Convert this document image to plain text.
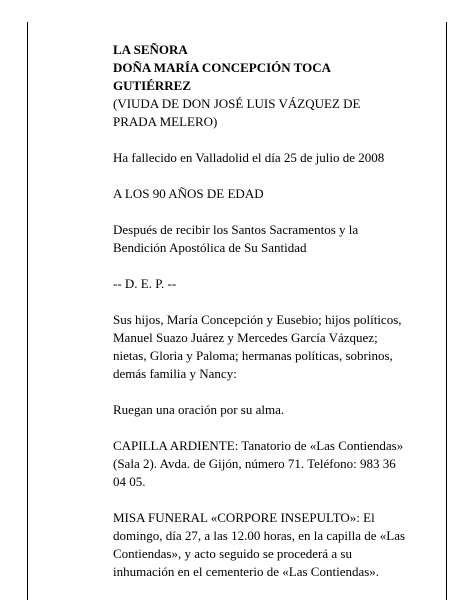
LA SEÑORA
DOÑA MARÍA CONCEPCIÓN TOCA
GUTIÉRREZ
(VIUDA DE DON JOSÉ LUIS VÁZQUEZ DE
PRADA MELERO)

Ha fallecido en Valladolid el día 25 de julio de 2008

A LOS 90 AÑOS DE EDAD

Después de recibir los Santos Sacramentos y la
Bendición Apostólica de Su Santidad

-- D. E. P. --

Sus hijos, María Concepción y Eusebio; hijos políticos,
Manuel Suazo Juárez y Mercedes García Vázquez;
nietas, Gloria y Paloma; hermanas políticas, sobrinos,
demás familia y Nancy:

Ruegan una oración por su alma.

CAPILLA ARDIENTE: Tanatorio de «Las Contiendas»
(Sala 2). Avda. de Gijón, número 71. Teléfono: 983 36
04 05.

MISA FUNERAL «CORPORE INSEPULTO»: El
domingo, día 27, a las 12.00 horas, en la capilla de «Las
Contiendas», y acto seguido se procederá a su
inhumación en el cementerio de «Las Contiendas».
